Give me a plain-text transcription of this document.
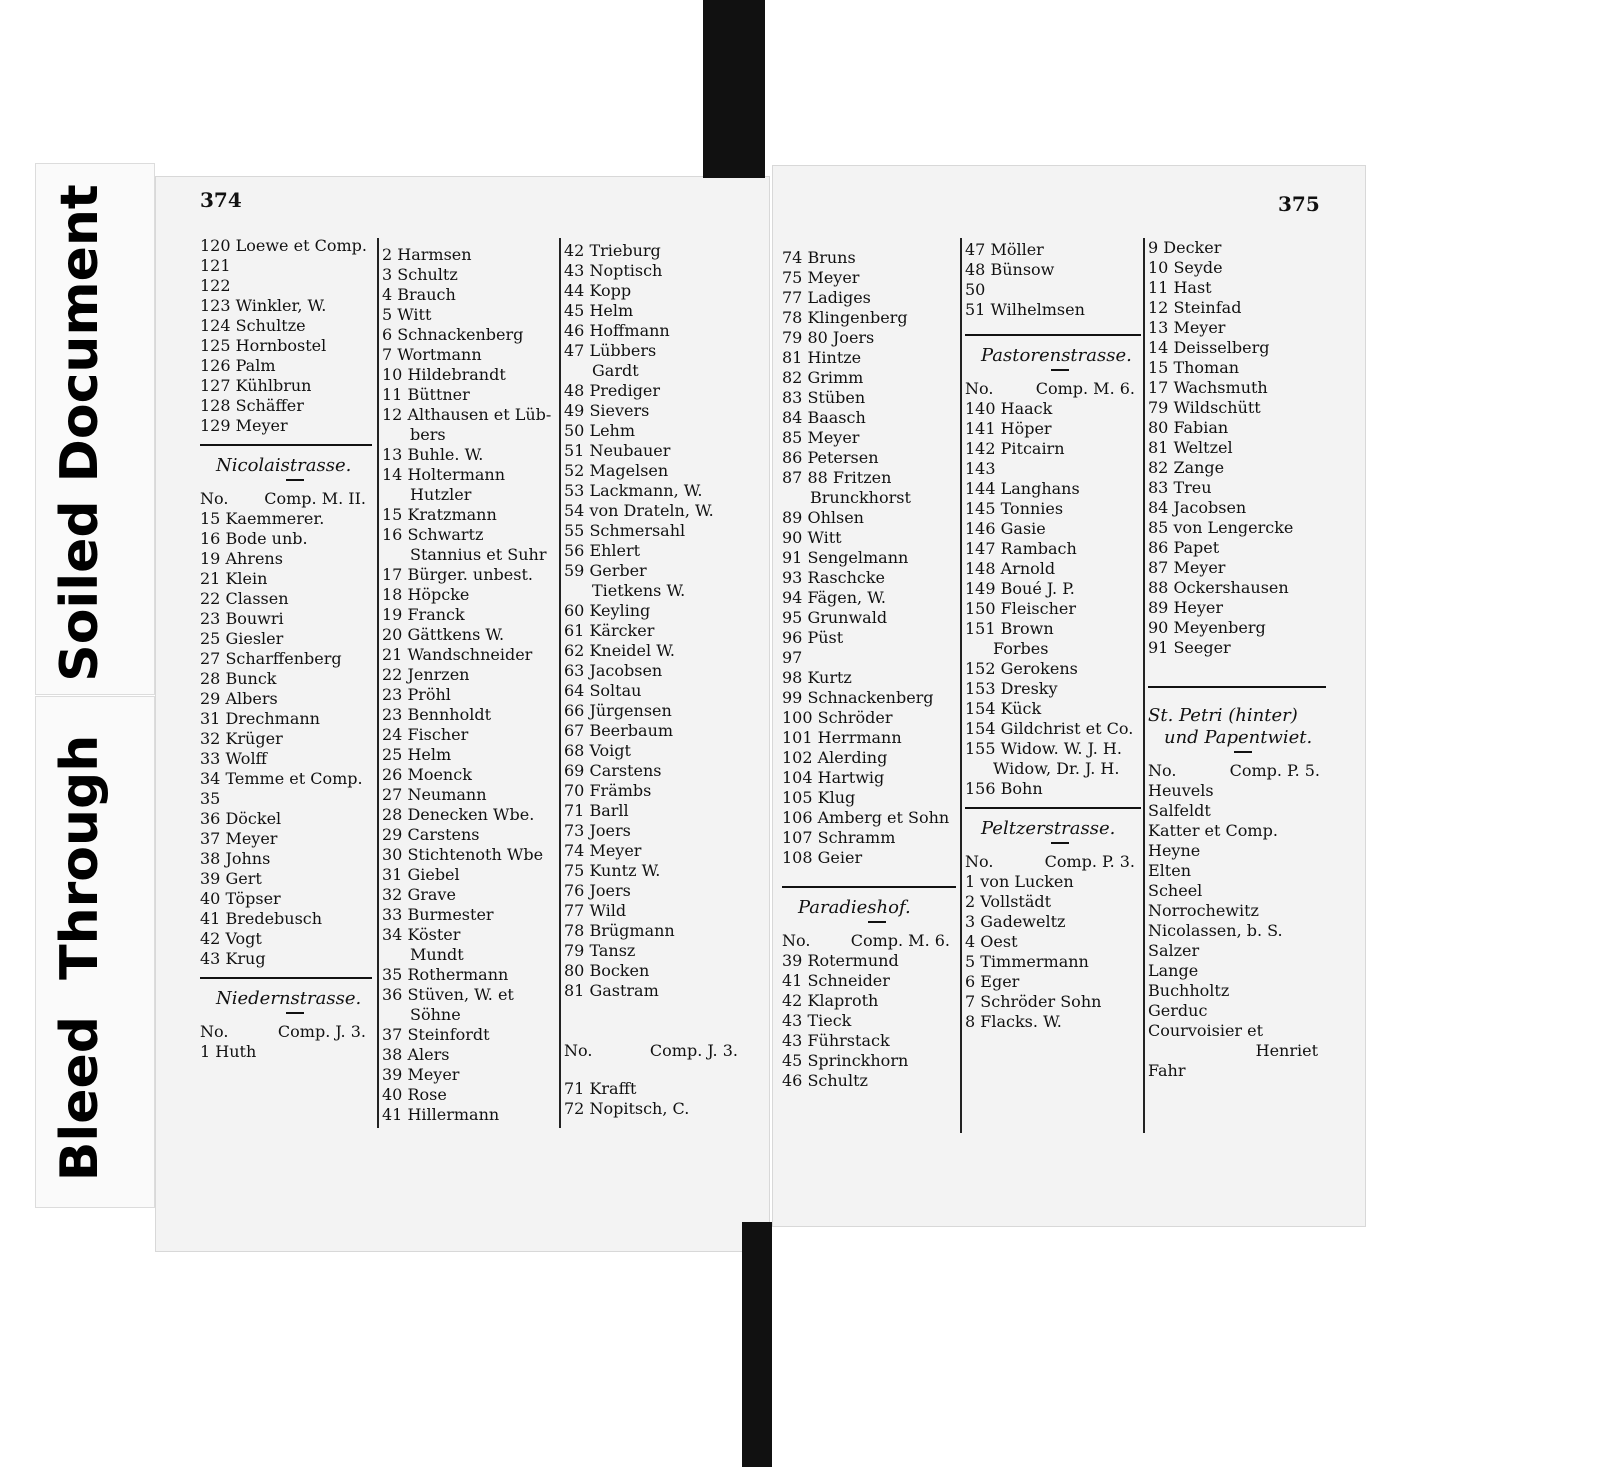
Soiled Document
Bleed Through
374	375
120 Loewe et Comp.
121
122
123 Winkler, W.
124 Schultze
125 Hornbostel
126 Palm
127 Kühlbrun
128 Schäffer
129 Meyer
Nicolaistrasse.
No. Comp. M. II.
15 Kaemmerer.
16 Bode unb.
19 Ahrens
21 Klein
22 Classen
23 Bouwri
25 Giesler
27 Scharffenberg
28 Bunck
29 Albers
31 Drechmann
32 Krüger
33 Wolff
34 Temme et Comp.
35
36 Döckel
37 Meyer
38 Johns
39 Gert
40 Töpser
41 Bredebusch
42 Vogt
43 Krug
Niedernstrasse.
No.	Comp. J. 3.
1 Huth
2 Harmsen
3 Schultz
4 Brauch
5 Witt
6 Schnackenberg
7 Wortmann
10 Hildebrandt
11 Büttner
12 Althausen et Lüb-
bers
13 Buhle. W.
14 Holtermann
Hutzler
15 Kratzmann
16 Schwartz
Stannius et Suhr
17 Bürger. unbest.
18 Höpcke
19 Franck
20 Gättkens W.
21 Wandschneider
22 Jenrzen
23 Pröhl
23 Bennholdt
24 Fischer
25 Helm
26 Moenck
27 Neumann
28 Denecken Wbe.
29 Carstens
30 Stichtenoth Wbe
31 Giebel
32 Grave
33 Burmester
34 Köster
Mundt
35 Rothermann
36 Stüven, W. et
Söhne
37 Steinfordt
38 Alers
39 Meyer
40 Rose
41 Hillermann
42 Trieburg
43 Noptisch
44 Kopp
45 Helm
46 Hoffmann
47 Lübbers
Gardt
48 Prediger
49 Sievers
50 Lehm
51 Neubauer
52 Magelsen
53 Lackmann, W.
54 von Drateln, W.
55 Schmersahl
56 Ehlert
59 Gerber
Tietkens W.
60 Keyling
61 Kärcker
62 Kneidel W.
63 Jacobsen
64 Soltau
66 Jürgensen
67 Beerbaum
68 Voigt
69 Carstens
70 Främbs
71 Barll
73 Joers
74 Meyer
75 Kuntz W.
76 Joers
77 Wild
78 Brügmann
79 Tansz
80 Bocken
81 Gastram
No.	Comp. J. 3.
71 Krafft
72 Nopitsch, C.
74 Bruns
75 Meyer
77 Ladiges
78 Klingenberg
79 80 Joers
81 Hintze
82 Grimm
83 Stüben
84 Baasch
85 Meyer
86 Petersen
87 88 Fritzen
Brunckhorst
89 Ohlsen
90 Witt
91 Sengelmann
93 Raschcke
94 Fägen, W.
95 Grunwald
96 Püst
97
98 Kurtz
99 Schnackenberg
100 Schröder
101 Herrmann
102 Alerding
104 Hartwig
105 Klug
106 Amberg et Sohn
107 Schramm
108 Geier
Paradieshof.
No.	Comp. M. 6.
39 Rotermund
41 Schneider
42 Klaproth
43 Tieck
43 Führstack
45 Sprinckhorn
46 Schultz
47 Möller
48 Bünsow
50
51 Wilhelmsen
Pastorenstrasse.
No.	Comp. M. 6.
140 Haack
141 Höper
142 Pitcairn
143
144 Langhans
145 Tonnies
146 Gasie
147 Rambach
148 Arnold
149 Boué J. P.
150 Fleischer
151 Brown
Forbes
152 Gerokens
153 Dresky
154 Kück
154 Gildchrist et Co.
155 Widow. W. J. H.
Widow, Dr. J. H.
156 Bohn
Peltzerstrasse.
No.	Comp. P. 3.
1 von Lucken
2 Vollstädt
3 Gadeweltz
4 Oest
5 Timmermann
6 Eger
7 Schröder Sohn
8 Flacks. W.
9 Decker
10 Seyde
11 Hast
12 Steinfad
13 Meyer
14 Deisselberg
15 Thoman
17 Wachsmuth
79 Wildschütt
80 Fabian
81 Weltzel
82 Zange
83 Treu
84 Jacobsen
85 von Lengercke
86 Papet
87 Meyer
88 Ockershausen
89 Heyer
90 Meyenberg
91 Seeger
St. Petri (hinter)
und Papentwiet.
No.	Comp. P. 5.
Heuvels
Salfeldt
Katter et Comp.
Heyne
Elten
Scheel
Norrochewitz
Nicolassen, b. S.
Salzer
Lange
Buchholtz
Gerduc
Courvoisier et
Henriet
Fahr
